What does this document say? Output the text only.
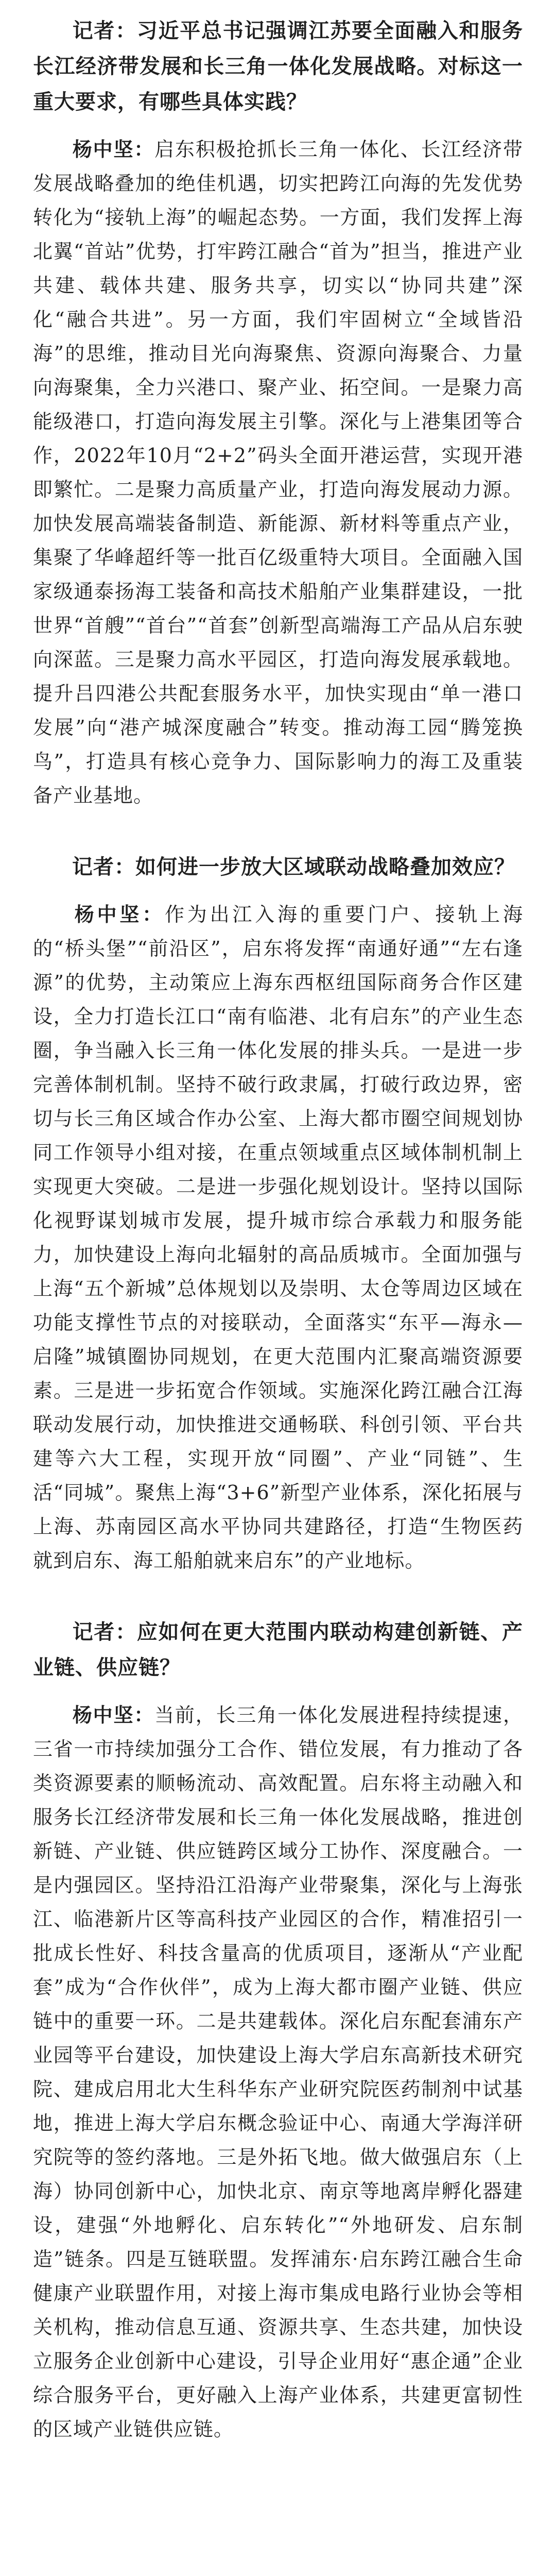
记者：习近平总书记强调江苏要全面融入和服务长江经济带发展和长三角一体化发展战略。对标这一重大要求，有哪些具体实践？

杨中坚：启东积极抢抓长三角一体化、长江经济带发展战略叠加的绝佳机遇，切实把跨江向海的先发优势转化为“接轨上海”的崛起态势。一方面，我们发挥上海北翼“首站”优势，打牢跨江融合“首为”担当，推进产业共建、载体共建、服务共享，切实以“协同共建”深化“融合共进”。另一方面，我们牢固树立“全域皆沿海”的思维，推动目光向海聚焦、资源向海聚合、力量向海聚集，全力兴港口、聚产业、拓空间。一是聚力高能级港口，打造向海发展主引擎。深化与上港集团等合作，2022年10月“2+2”码头全面开港运营，实现开港即繁忙。二是聚力高质量产业，打造向海发展动力源。加快发展高端装备制造、新能源、新材料等重点产业，集聚了华峰超纤等一批百亿级重特大项目。全面融入国家级通泰扬海工装备和高技术船舶产业集群建设，一批世界“首艘”“首台”“首套”创新型高端海工产品从启东驶向深蓝。三是聚力高水平园区，打造向海发展承载地。提升吕四港公共配套服务水平，加快实现由“单一港口发展”向“港产城深度融合”转变。推动海工园“腾笼换鸟”，打造具有核心竞争力、国际影响力的海工及重装备产业基地。

记者：如何进一步放大区域联动战略叠加效应？

杨中坚：作为出江入海的重要门户、接轨上海的“桥头堡”“前沿区”，启东将发挥“南通好通”“左右逢源”的优势，主动策应上海东西枢纽国际商务合作区建设，全力打造长江口“南有临港、北有启东”的产业生态圈，争当融入长三角一体化发展的排头兵。一是进一步完善体制机制。坚持不破行政隶属，打破行政边界，密切与长三角区域合作办公室、上海大都市圈空间规划协同工作领导小组对接，在重点领域重点区域体制机制上实现更大突破。二是进一步强化规划设计。坚持以国际化视野谋划城市发展，提升城市综合承载力和服务能力，加快建设上海向北辐射的高品质城市。全面加强与上海“五个新城”总体规划以及崇明、太仓等周边区域在功能支撑性节点的对接联动，全面落实“东平—海永—启隆”城镇圈协同规划，在更大范围内汇聚高端资源要素。三是进一步拓宽合作领域。实施深化跨江融合江海联动发展行动，加快推进交通畅联、科创引领、平台共建等六大工程，实现开放“同圈”、产业“同链”、生活“同城”。聚焦上海“3+6”新型产业体系，深化拓展与上海、苏南园区高水平协同共建路径，打造“生物医药就到启东、海工船舶就来启东”的产业地标。

记者：应如何在更大范围内联动构建创新链、产业链、供应链？

杨中坚：当前，长三角一体化发展进程持续提速，三省一市持续加强分工合作、错位发展，有力推动了各类资源要素的顺畅流动、高效配置。启东将主动融入和服务长江经济带发展和长三角一体化发展战略，推进创新链、产业链、供应链跨区域分工协作、深度融合。一是内强园区。坚持沿江沿海产业带聚集，深化与上海张江、临港新片区等高科技产业园区的合作，精准招引一批成长性好、科技含量高的优质项目，逐渐从“产业配套”成为“合作伙伴”，成为上海大都市圈产业链、供应链中的重要一环。二是共建载体。深化启东配套浦东产业园等平台建设，加快建设上海大学启东高新技术研究院、建成启用北大生科华东产业研究院医药制剂中试基地，推进上海大学启东概念验证中心、南通大学海洋研究院等的签约落地。三是外拓飞地。做大做强启东（上海）协同创新中心，加快北京、南京等地离岸孵化器建设，建强“外地孵化、启东转化”“外地研发、启东制造”链条。四是互链联盟。发挥浦东·启东跨江融合生命健康产业联盟作用，对接上海市集成电路行业协会等相关机构，推动信息互通、资源共享、生态共建，加快设立服务企业创新中心建设，引导企业用好“惠企通”企业综合服务平台，更好融入上海产业体系，共建更富韧性的区域产业链供应链。
